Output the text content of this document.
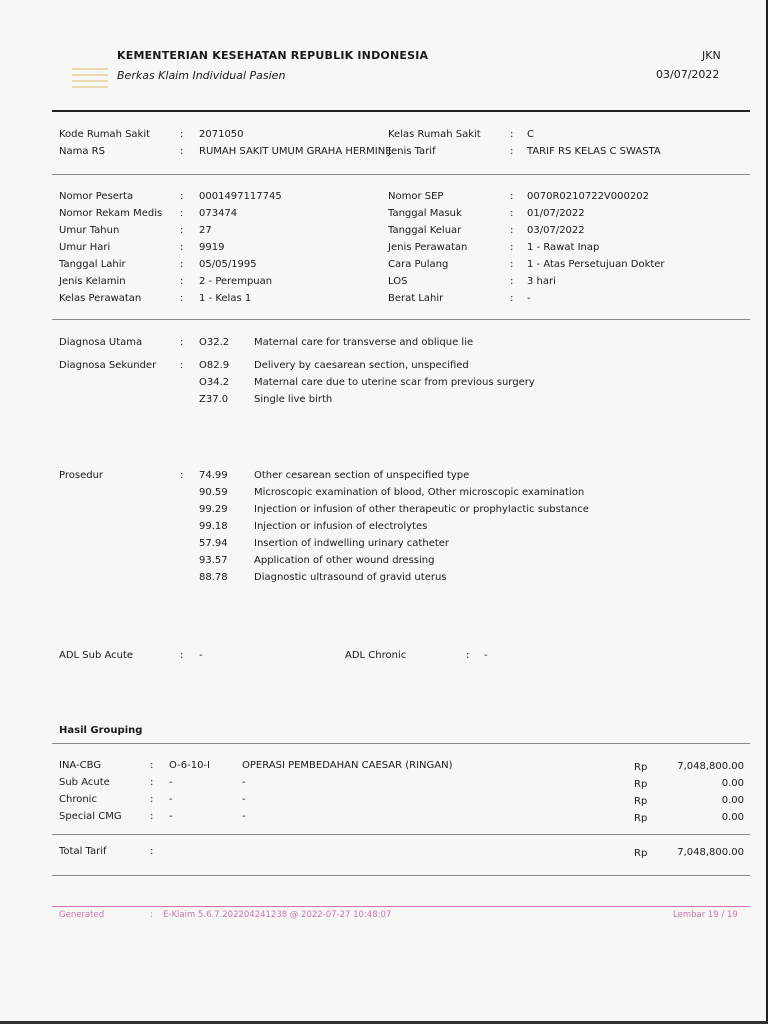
KEMENTERIAN KESEHATAN REPUBLIK INDONESIA
Berkas Klaim Individual Pasien
JKN
03/07/2022
Kode Rumah Sakit	: 2071050
Nama RS	: RUMAH SAKIT UMUM GRAHA HERMINE
Kelas Rumah Sakit	: C
Jenis Tarif	: TARIF RS KELAS C SWASTA
Nomor Peserta	: 0001497117745
Nomor Rekam Medis : 073474
Umur Tahun	: 27
Umur Hari	: 9919
Tanggal Lahir	: 05/05/1995
Jenis Kelamin	: 2 - Perempuan
Kelas Perawatan	: 1 - Kelas 1
Nomor SEP	: 0070R0210722V000202
Tanggal Masuk	: 01/07/2022
Tanggal Keluar	: 03/07/2022
Jenis Perawatan	: 1 - Rawat Inap
Cara Pulang	: 1 - Atas Persetujuan Dokter
LOS	: 3 hari
Berat Lahir	: -
Diagnosa Utama	: O32.2 Maternal care for transverse and oblique lie
Diagnosa Sekunder : O82.9 Delivery by caesarean section, unspecified
O34.2 Maternal care due to uterine scar from previous surgery
Z37.0	Single live birth
Prosedur	: 74.99	Other cesarean section of unspecified type
90.59	Microscopic examination of blood, Other microscopic examination
99.29	Injection or infusion of other therapeutic or prophylactic substance
99.18	Injection or infusion of electrolytes
57.94	Insertion of indwelling urinary catheter
93.57	Application of other wound dressing
88.78	Diagnostic ultrasound of gravid uterus
ADL Sub Acute	: -	ADL Chronic	: -
Hasil Grouping
INA-CBG	: O-6-10-I	OPERASI PEMBEDAHAN CAESAR (RINGAN)	Rp	7,048,800.00
Sub Acute	: -	-	Rp	0.00
Chronic	: -	-	Rp	0.00
Special CMG	: -	-	Rp	0.00
Total Tarif	:	Rp	7,048,800.00
Generated	: E-Klaim 5.6.7.202204241238 @ 2022-07-27 10:48:07	Lembar 19 / 19
